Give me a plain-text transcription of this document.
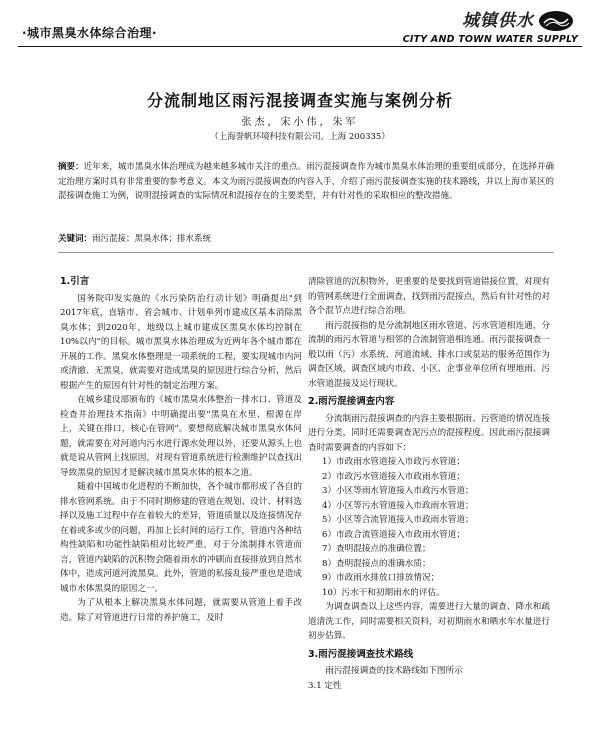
·城市黑臭水体综合治理·
城镇供水
CITY AND TOWN WATER SUPPLY
分流制地区雨污混接调查实施与案例分析
张杰，宋小伟，朱军
（上海誉帆环境科技有限公司，上海 200335）
摘要：近年来，城市黑臭水体治理成为越来越多城市关注的重点。雨污混接调查作为城市黑臭水体治理的重要组成部分，在选择并确定治理方案时具有非常重要的参考意义。本文为雨污混接调查的内容入手，介绍了雨污混接调查实施的技术路线，并以上海市某区的混接调查施工为例，说明混接调查的实际情况和混接存在的主要类型，并有针对性的采取相应的整改措施。
关键词：雨污混接；黑臭水体；排水系统
1.引言

国务院印发实施的《水污染防治行动计划》明确提出"到2017年底，直辖市、省会城市、计划单列市建成区基本消除黑臭水体；到2020年，地级以上城市建成区黑臭水体均控制在10%以内"的目标。城市黑臭水体治理成为近两年各个城市都在开展的工作。黑臭水体整理是一项系统的工程，要实现城市内河或清澈、无黑臭，就需要对造成黑臭的原因进行综合分析，然后根据产生的原因有针对性的制定治理方案。

在城乡建设部颁布的《城市黑臭水体整治－排水口、管道及检查井治理技术指南》中明确提出要"黑臭在水里、根源在岸上，关键在排口，核心在管网"。要想彻底解决城市黑臭水体问题，就需要在对河道内污水进行源水处理以外，还要从源头上也就是说从管网上找原因，对现有管道系统进行检测维护以查找出导致黑臭的原因才是解决城市黑臭水体的根本之道。

随着中国城市化进程的不断加快，各个城市都形成了各自的排水管网系统。由于不同时期修建的管道在规划、设计、材料选择以及施工过程中存在着较大的差异，管道质量以及连接情况存在着或多或少的问题，再加上长时间的运行工作，管道内各种结构性缺陷和功能性缺陷相对比较严重，对于分流制排水管道而言，管道内缺陷的沉积物会随着雨水的冲刷而直接排放到自然水体中，造成河道河流黑臭。此外，管道的私接乱接严重也是造成城市水体黑臭的原因之一。

为了从根本上解决黑臭水体问题，就需要从管道上着手改造。除了对管道进行日常的养护施工，及时

清除管道的沉积物外，更重要的是要找到管道错接位置，对现有的管网系统进行全面调查，找到雨污混接点，然后有针对性的对各个混节点进行综合治理。

雨污混接指的是分流制地区雨水管道、污水管道相连通，分流制的雨污水管道与相邻的合流制管道相连通。雨污混接调查一般以雨（污）水系统、河道流域、排水口或泵站的服务范围作为调查区域，调查区域内市政、小区、企事业单位所有埋地雨、污水管道混接及运行现状。

2.雨污混接调查内容

分流制雨污混接调查的内容主要根据雨、污管道的情况连接进行分类，同时还需要调查泥污点的混接程度。因此雨污混接调查时需要调查的内容如下：

1）市政雨水管道接入市政污水管道；
2）市政污水管道接入市政雨水管道；
3）小区等雨水管道接入市政污水管道；
4）小区等污水管道接入市政雨水管道；
5）小区等合流管道接入市政雨水管道；
6）市政合流管道接入市政雨水管道；
7）查明混接点的准确位置；
8）查明混接点的准确水质；
9）市政雨水排放口排放情况；
10）污水干和初期雨水的评估。

为调查调查以上这些内容，需要进行大量的调查、降水和疏道清洗工作，同时需要相关资料，对初期雨水和晒水车水量进行初步估算。

3.雨污混接调查技术路线

雨污混接调查的技术路线如下图所示

3.1 定性
